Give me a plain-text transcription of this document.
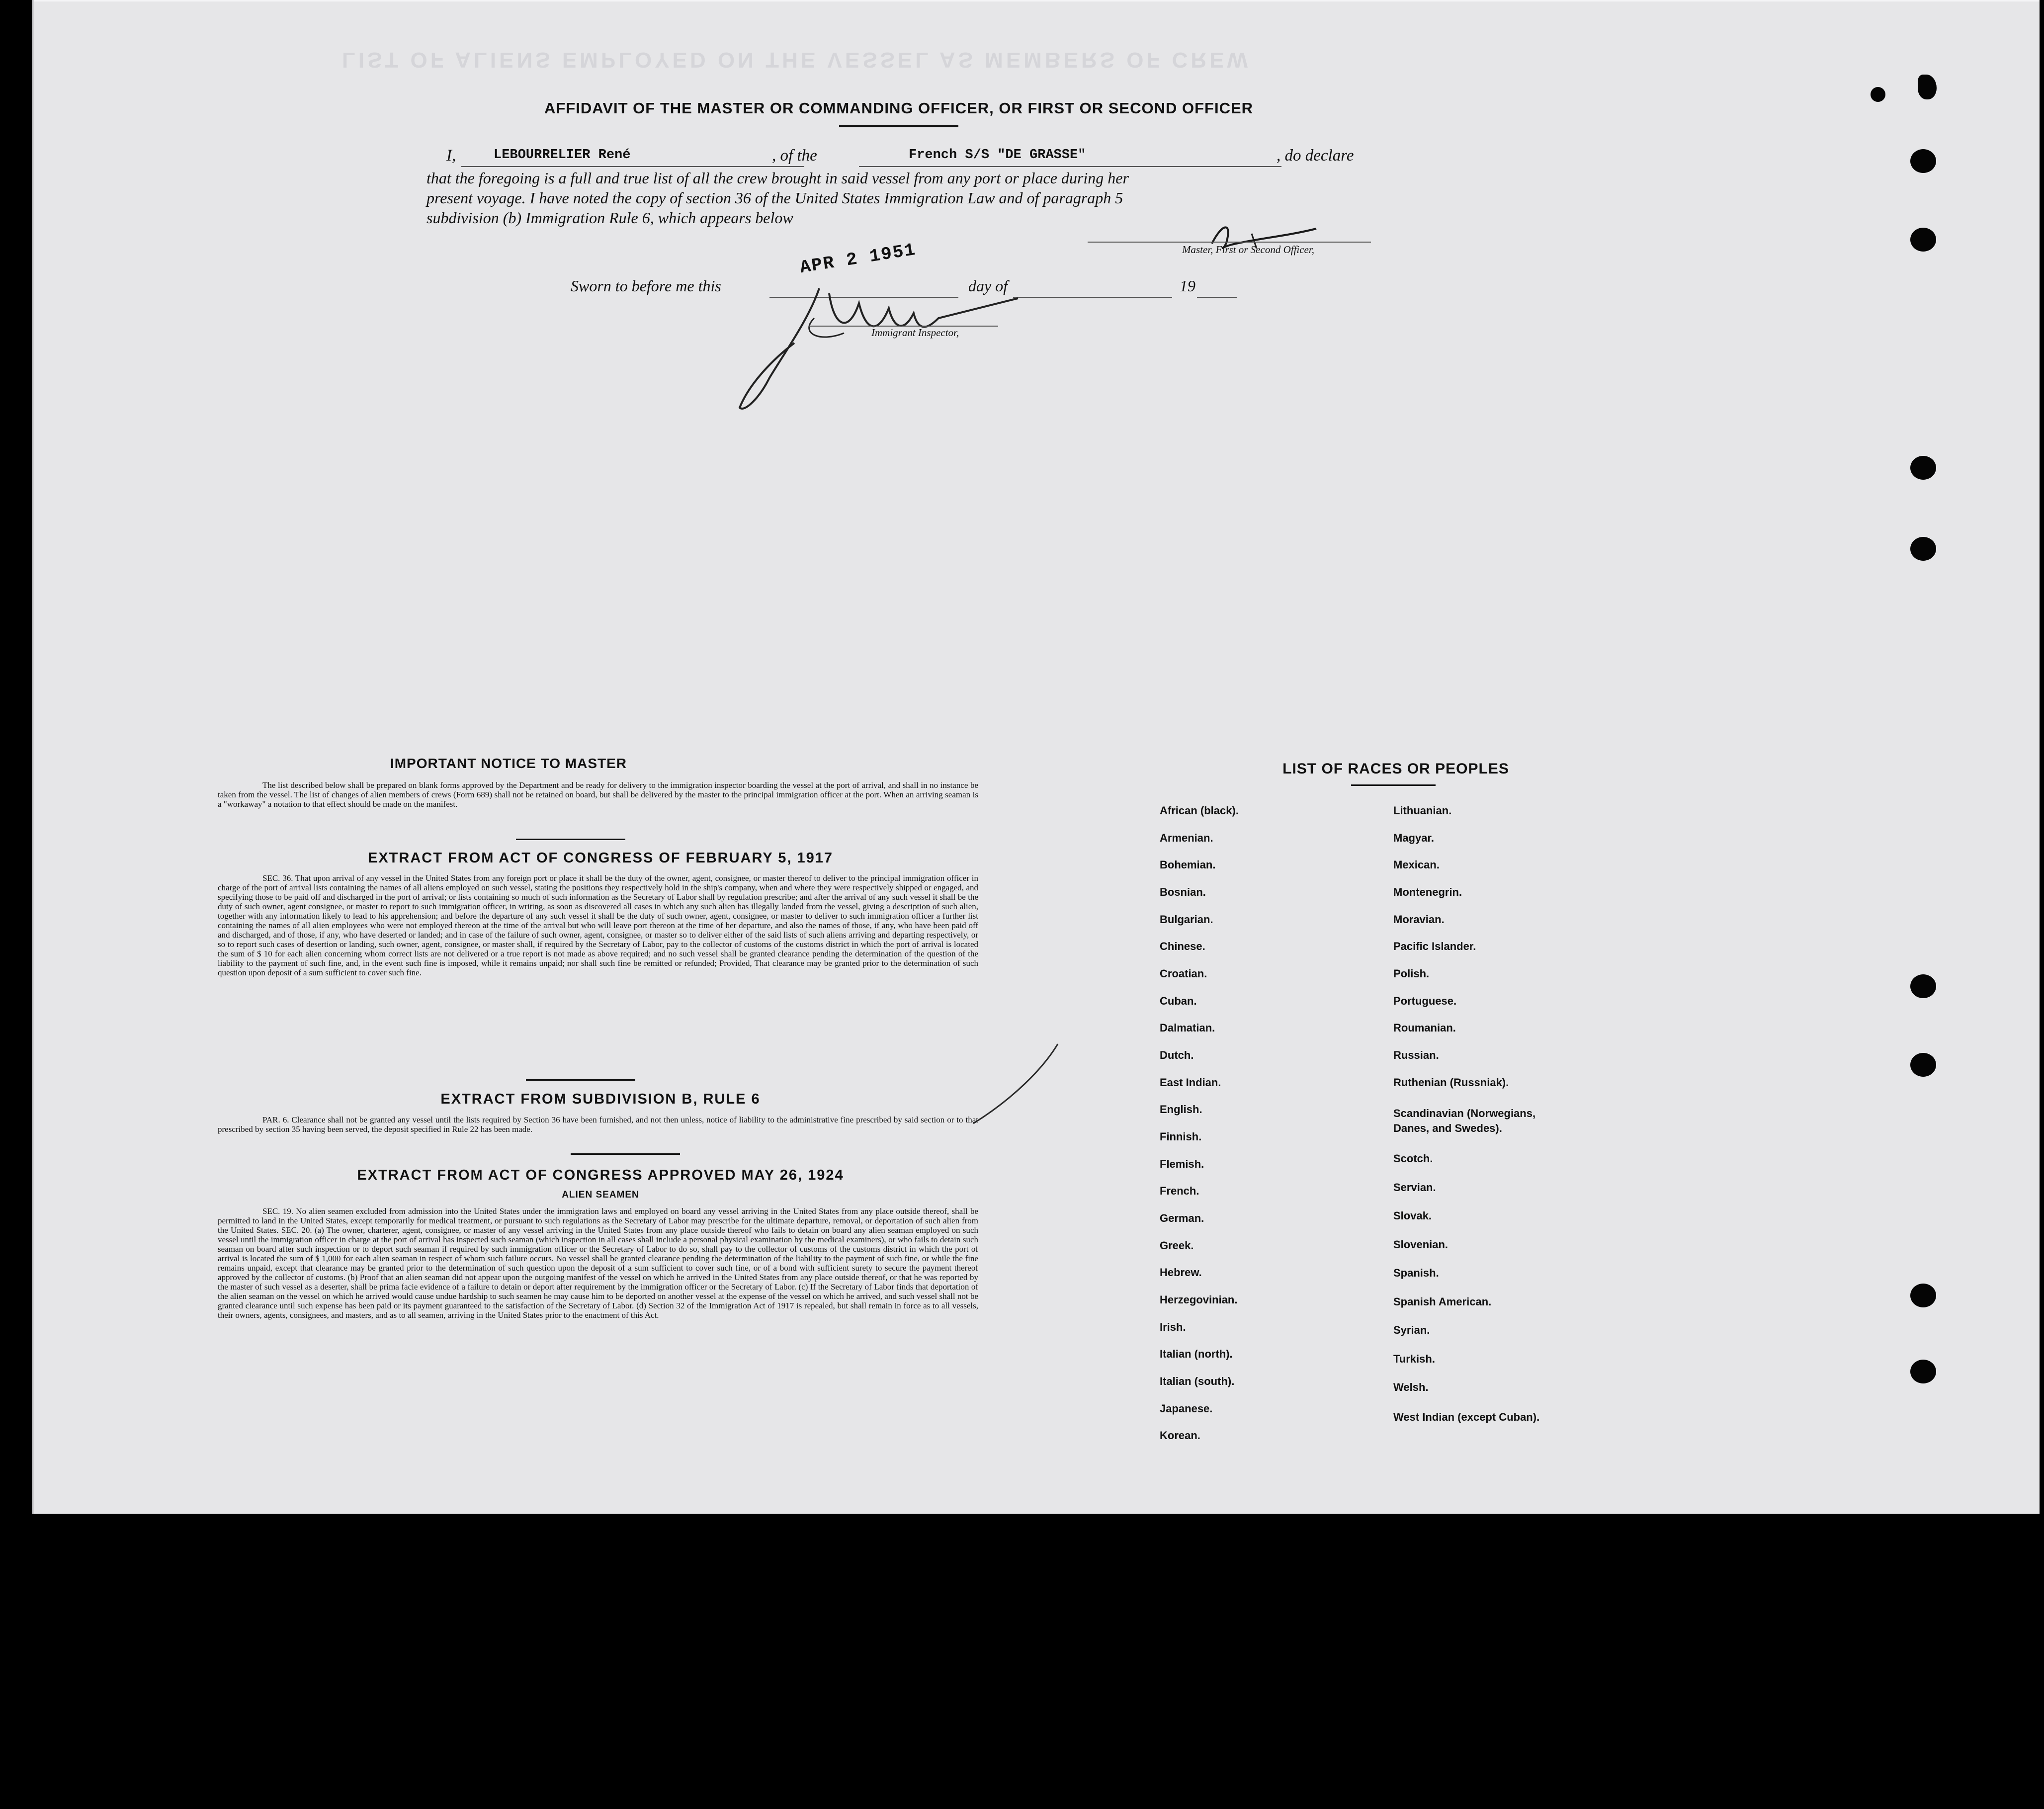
LIST OF ALIENS EMPLOYED ON THE VESSEL AS MEMBERS OF CREW
AFFIDAVIT OF THE MASTER OR COMMANDING OFFICER, OR FIRST OR SECOND OFFICER
I,	LEBOURRELIER René	, of the	French S/S "DE GRASSE"	, do declare
that the foregoing is a full and true list of all the crew brought in said vessel from any port or place during her
present voyage. I have noted the copy of section 36 of the United States Immigration Law and of paragraph 5
subdivision (b) Immigration Rule 6, which appears below
Master, First or Second Officer,
Sworn to before me this
APR 2 1951
day of	19
Immigrant Inspector,
IMPORTANT NOTICE TO MASTER
The list described below shall be prepared on blank forms approved by the Department and be ready for delivery to the immigration inspector boarding the vessel at the port of arrival, and shall in no instance be taken from the vessel. The list of changes of alien members of crews (Form 689) shall not be retained on board, but shall be delivered by the master to the principal immigration officer at the port. When an arriving seaman is a "workaway" a notation to that effect should be made on the manifest.
EXTRACT FROM ACT OF CONGRESS OF FEBRUARY 5, 1917
SEC. 36. That upon arrival of any vessel in the United States from any foreign port or place it shall be the duty of the owner, agent, consignee, or master thereof to deliver to the principal immigration officer in charge of the port of arrival lists containing the names of all aliens employed on such vessel, stating the positions they respectively hold in the ship's company, when and where they were respectively shipped or engaged, and specifying those to be paid off and discharged in the port of arrival; or lists containing so much of such information as the Secretary of Labor shall by regulation prescribe; and after the arrival of any such vessel it shall be the duty of such owner, agent consignee, or master to report to such immigration officer, in writing, as soon as discovered all cases in which any such alien has illegally landed from the vessel, giving a description of such alien, together with any information likely to lead to his apprehension; and before the departure of any such vessel it shall be the duty of such owner, agent, consignee, or master to deliver to such immigration officer a further list containing the names of all alien employees who were not employed thereon at the time of the arrival but who will leave port thereon at the time of her departure, and also the names of those, if any, who have been paid off and discharged, and of those, if any, who have deserted or landed; and in case of the failure of such owner, agent, consignee, or master so to deliver either of the said lists of such aliens arriving and departing respectively, or so to report such cases of desertion or landing, such owner, agent, consignee, or master shall, if required by the Secretary of Labor, pay to the collector of customs of the customs district in which the port of arrival is located the sum of $ 10 for each alien concerning whom correct lists are not delivered or a true report is not made as above required; and no such vessel shall be granted clearance pending the determination of the question of the liability to the payment of such fine, and, in the event such fine is imposed, while it remains unpaid; nor shall such fine be remitted or refunded; Provided, That clearance may be granted prior to the determination of such question upon deposit of a sum sufficient to cover such fine.
EXTRACT FROM SUBDIVISION B, RULE 6
PAR. 6. Clearance shall not be granted any vessel until the lists required by Section 36 have been furnished, and not then unless, notice of liability to the administrative fine prescribed by said section or to that prescribed by section 35 having been served, the deposit specified in Rule 22 has been made.
EXTRACT FROM ACT OF CONGRESS APPROVED MAY 26, 1924
ALIEN SEAMEN
SEC. 19. No alien seamen excluded from admission into the United States under the immigration laws and employed on board any vessel arriving in the United States from any place outside thereof, shall be permitted to land in the United States, except temporarily for medical treatment, or pursuant to such regulations as the Secretary of Labor may prescribe for the ultimate departure, removal, or deportation of such alien from the United States. SEC. 20. (a) The owner, charterer, agent, consignee, or master of any vessel arriving in the United States from any place outside thereof who fails to detain on board any alien seaman employed on such vessel until the immigration officer in charge at the port of arrival has inspected such seaman (which inspection in all cases shall include a personal physical examination by the medical examiners), or who fails to detain such seaman on board after such inspection or to deport such seaman if required by such immigration officer or the Secretary of Labor to do so, shall pay to the collector of customs of the customs district in which the port of arrival is located the sum of $ 1,000 for each alien seaman in respect of whom such failure occurs. No vessel shall be granted clearance pending the determination of the liability to the payment of such fine, or while the fine remains unpaid, except that clearance may be granted prior to the determination of such question upon the deposit of a sum sufficient to cover such fine, or of a bond with sufficient surety to secure the payment thereof approved by the collector of customs. (b) Proof that an alien seaman did not appear upon the outgoing manifest of the vessel on which he arrived in the United States from any place outside thereof, or that he was reported by the master of such vessel as a deserter, shall be prima facie evidence of a failure to detain or deport after requirement by the immigration officer or the Secretary of Labor. (c) If the Secretary of Labor finds that deportation of the alien seaman on the vessel on which he arrived would cause undue hardship to such seamen he may cause him to be deported on another vessel at the expense of the vessel on which he arrived, and such vessel shall not be granted clearance until such expense has been paid or its payment guaranteed to the satisfaction of the Secretary of Labor. (d) Section 32 of the Immigration Act of 1917 is repealed, but shall remain in force as to all vessels, their owners, agents, consignees, and masters, and as to all seamen, arriving in the United States prior to the enactment of this Act.
LIST OF RACES OR PEOPLES
African (black).
Armenian.
Bohemian.
Bosnian.
Bulgarian.
Chinese.
Croatian.
Cuban.
Dalmatian.
Dutch.
East Indian.
English.
Finnish.
Flemish.
French.
German.
Greek.
Hebrew.
Herzegovinian.
Irish.
Italian (north).
Italian (south).
Japanese.
Korean.
Lithuanian.
Magyar.
Mexican.
Montenegrin.
Moravian.
Pacific Islander.
Polish.
Portuguese.
Roumanian.
Russian.
Ruthenian (Russniak).
Scandinavian (Norwegians, Danes, and Swedes).
Scotch.
Servian.
Slovak.
Slovenian.
Spanish.
Spanish American.
Syrian.
Turkish.
Welsh.
West Indian (except Cuban).
